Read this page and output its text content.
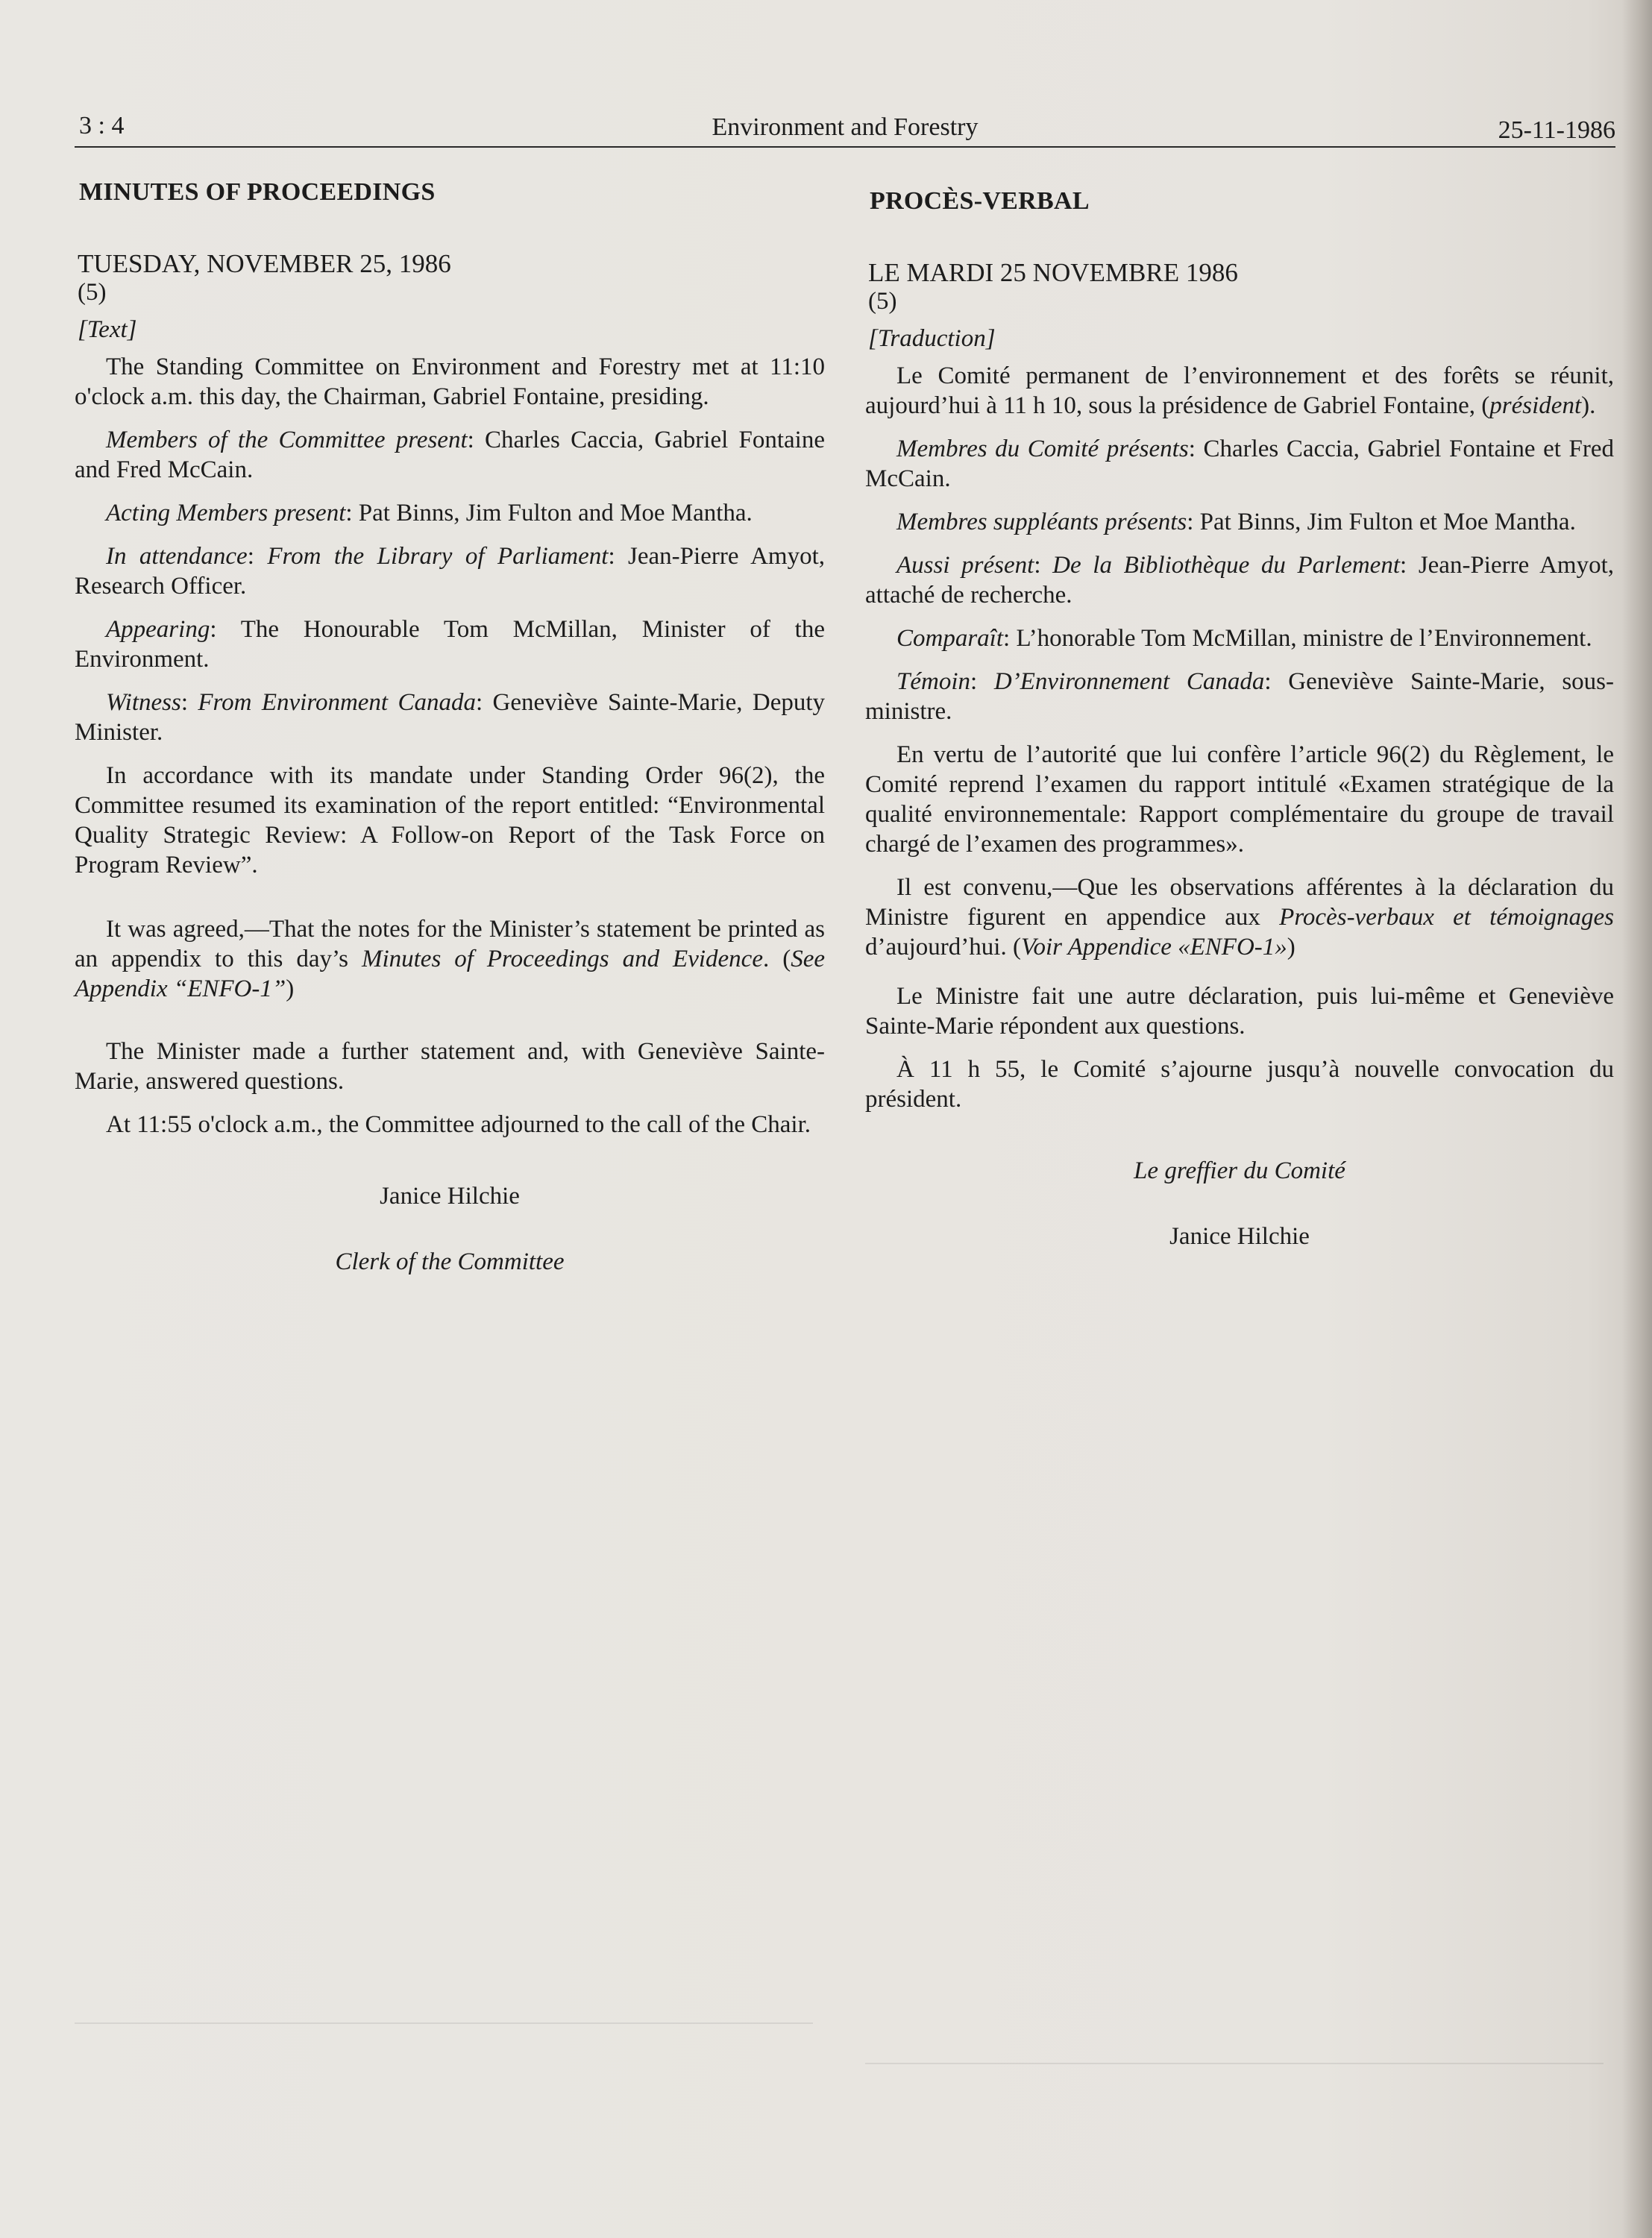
3 : 4	Environment and Forestry	25-11-1986
MINUTES OF PROCEEDINGS
TUESDAY, NOVEMBER 25, 1986
(5)
[Text]

The Standing Committee on Environment and Forestry met at 11:10 o'clock a.m. this day, the Chairman, Gabriel Fontaine, presiding.

Members of the Committee present: Charles Caccia, Gabriel Fontaine and Fred McCain.

Acting Members present: Pat Binns, Jim Fulton and Moe Mantha.

In attendance: From the Library of Parliament: Jean-Pierre Amyot, Research Officer.

Appearing: The Honourable Tom McMillan, Minister of the Environment.

Witness: From Environment Canada: Geneviève Sainte-Marie, Deputy Minister.

In accordance with its mandate under Standing Order 96(2), the Committee resumed its examination of the report entitled: “Environmental Quality Strategic Review: A Follow-on Report of the Task Force on Program Review”.

It was agreed,—That the notes for the Minister’s statement be printed as an appendix to this day’s Minutes of Proceedings and Evidence. (See Appendix “ENFO-1”)

The Minister made a further statement and, with Geneviève Sainte-Marie, answered questions.

At 11:55 o'clock a.m., the Committee adjourned to the call of the Chair.

Janice Hilchie

Clerk of the Committee

PROCÈS-VERBAL
LE MARDI 25 NOVEMBRE 1986
(5)
[Traduction]

Le Comité permanent de l’environnement et des forêts se réunit, aujourd’hui à 11 h 10, sous la présidence de Gabriel Fontaine, (président).

Membres du Comité présents: Charles Caccia, Gabriel Fontaine et Fred McCain.

Membres suppléants présents: Pat Binns, Jim Fulton et Moe Mantha.

Aussi présent: De la Bibliothèque du Parlement: Jean-Pierre Amyot, attaché de recherche.

Comparaît: L’honorable Tom McMillan, ministre de l’Environnement.

Témoin: D’Environnement Canada: Geneviève Sainte-Marie, sous-ministre.

En vertu de l’autorité que lui confère l’article 96(2) du Règlement, le Comité reprend l’examen du rapport intitulé «Examen stratégique de la qualité environnementale: Rapport complémentaire du groupe de travail chargé de l’examen des programmes».

Il est convenu,—Que les observations afférentes à la déclaration du Ministre figurent en appendice aux Procès-verbaux et témoignages d’aujourd’hui. (Voir Appendice «ENFO-1»)

Le Ministre fait une autre déclaration, puis lui-même et Geneviève Sainte-Marie répondent aux questions.

À 11 h 55, le Comité s’ajourne jusqu’à nouvelle convocation du président.

Le greffier du Comité

Janice Hilchie
